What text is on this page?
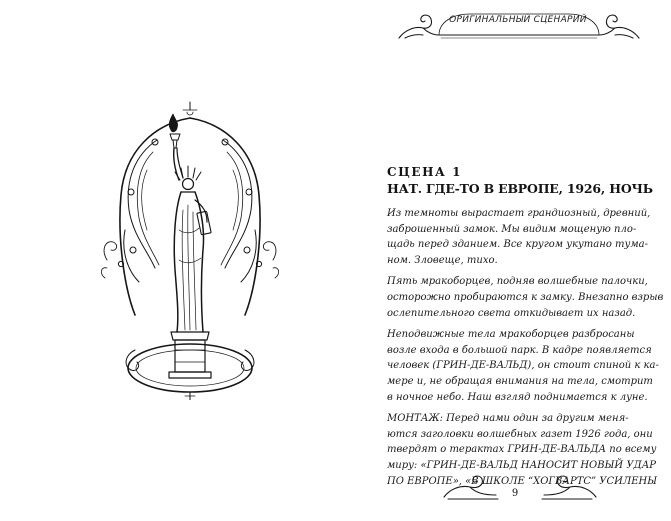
ОРИГИНАЛЬНЫЙ СЦЕНАРИЙ
СЦЕНА 1
НАТ. ГДЕ-ТО В ЕВРОПЕ, 1926, НОЧЬ

Из темноты вырастает грандиозный, древний,
заброшенный замок. Мы видим мощеную пло-
щадь перед зданием. Все кругом укутано тума-
ном. Зловеще, тихо.

Пять мракоборцев, подняв волшебные палочки,
осторожно пробираются к замку. Внезапно взрыв
ослепительного света откидывает их назад.

Неподвижные тела мракоборцев разбросаны
возле входа в большой парк. В кадре появляется
человек (ГРИН-ДЕ-ВАЛЬД), он стоит спиной к ка-
мере и, не обращая внимания на тела, смотрит
в ночное небо. Наш взгляд поднимается к луне.

МОНТАЖ: Перед нами один за другим меня-
ются заголовки волшебных газет 1926 года, они
твердят о терактах ГРИН-ДЕ-ВАЛЬДА по всему
миру: «ГРИН-ДЕ-ВАЛЬД НАНОСИТ НОВЫЙ УДАР
ПО ЕВРОПЕ», «В ШКОЛЕ “ХОГВАРТС” УСИЛЕНЫ

9
